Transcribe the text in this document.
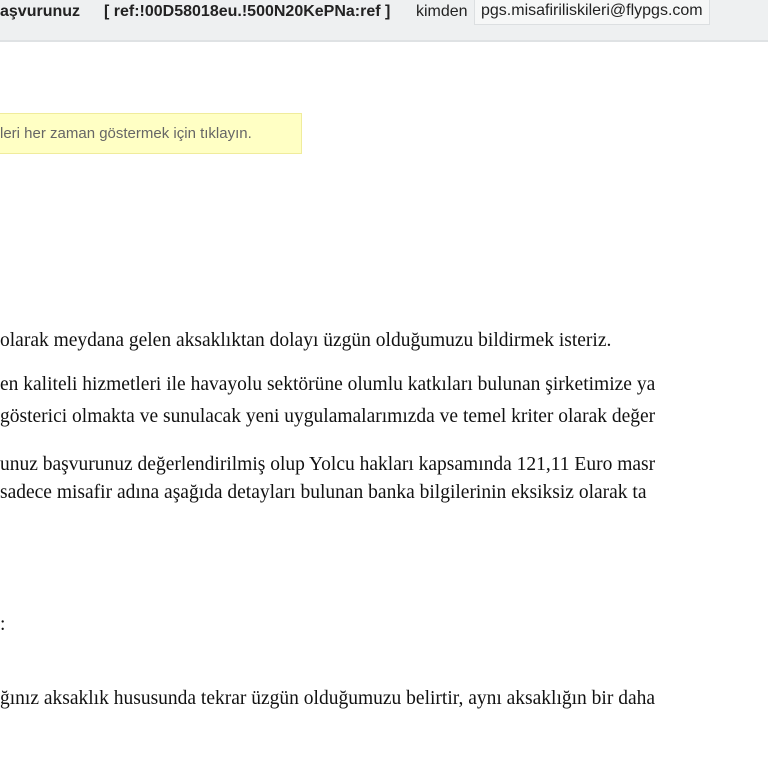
aşvurunuz [ ref:!00D58018eu.!500N20KePNa:ref ] kimden pgs.misafiriliskileri@flypgs.com
leri her zaman göstermek için tıklayın.
olarak meydana gelen aksaklıktan dolayı üzgün olduğumuzu bildirmek isteriz.
en kaliteli hizmetleri ile havayolu sektörüne olumlu katkıları bulunan şirketimize ya
gösterici olmakta ve sunulacak yeni uygulamalarımızda ve temel kriter olarak değer
unuz başvurunuz değerlendirilmiş olup Yolcu hakları kapsamında 121,11 Euro masr
sadece misafir adına aşağıda detayları bulunan banka bilgilerinin eksiksiz olarak ta
:
ğınız aksaklık hususunda tekrar üzgün olduğumuzu belirtir, aynı aksaklığın bir daha
